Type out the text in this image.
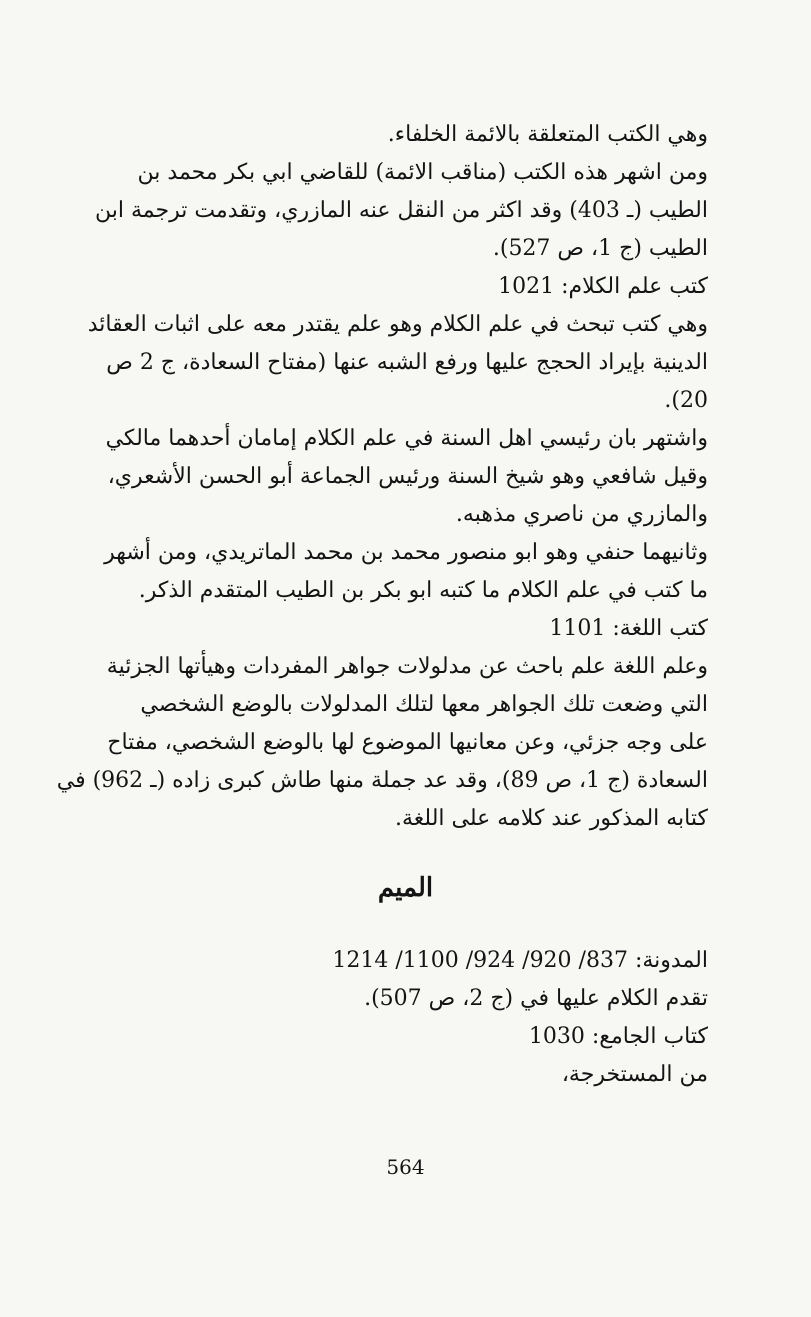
وهي الكتب المتعلقة بالائمة الخلفاء.
ومن اشهر هذه الكتب (مناقب الائمة) للقاضي ابي بكر محمد بن
الطيب (ـ 403) وقد اكثر من النقل عنه المازري، وتقدمت ترجمة ابن
الطيب (ج 1، ص 527).
كتب علم الكلام: 1021
وهي كتب تبحث في علم الكلام وهو علم يقتدر معه على اثبات العقائد
الدينية بإيراد الحجج عليها ورفع الشبه عنها (مفتاح السعادة، ج 2 ص
20).
واشتهر بان رئيسي اهل السنة في علم الكلام إمامان أحدهما مالكي
وقيل شافعي وهو شيخ السنة ورئيس الجماعة أبو الحسن الأشعري،
والمازري من ناصري مذهبه.
وثانيهما حنفي وهو ابو منصور محمد بن محمد الماتريدي، ومن أشهر
ما كتب في علم الكلام ما كتبه ابو بكر بن الطيب المتقدم الذكر.
كتب اللغة: 1101
وعلم اللغة علم باحث عن مدلولات جواهر المفردات وهيأتها الجزئية
التي وضعت تلك الجواهر معها لتلك المدلولات بالوضع الشخصي
على وجه جزئي، وعن معانيها الموضوع لها بالوضع الشخصي، مفتاح
السعادة (ج 1، ص 89)، وقد عد جملة منها طاش كبرى زاده (ـ 962) في
كتابه المذكور عند كلامه على اللغة.
الميم
المدونة: 837/ 920/ 924/ 1100/ 1214
تقدم الكلام عليها في (ج 2، ص 507).
كتاب الجامع: 1030
من المستخرجة،
564
